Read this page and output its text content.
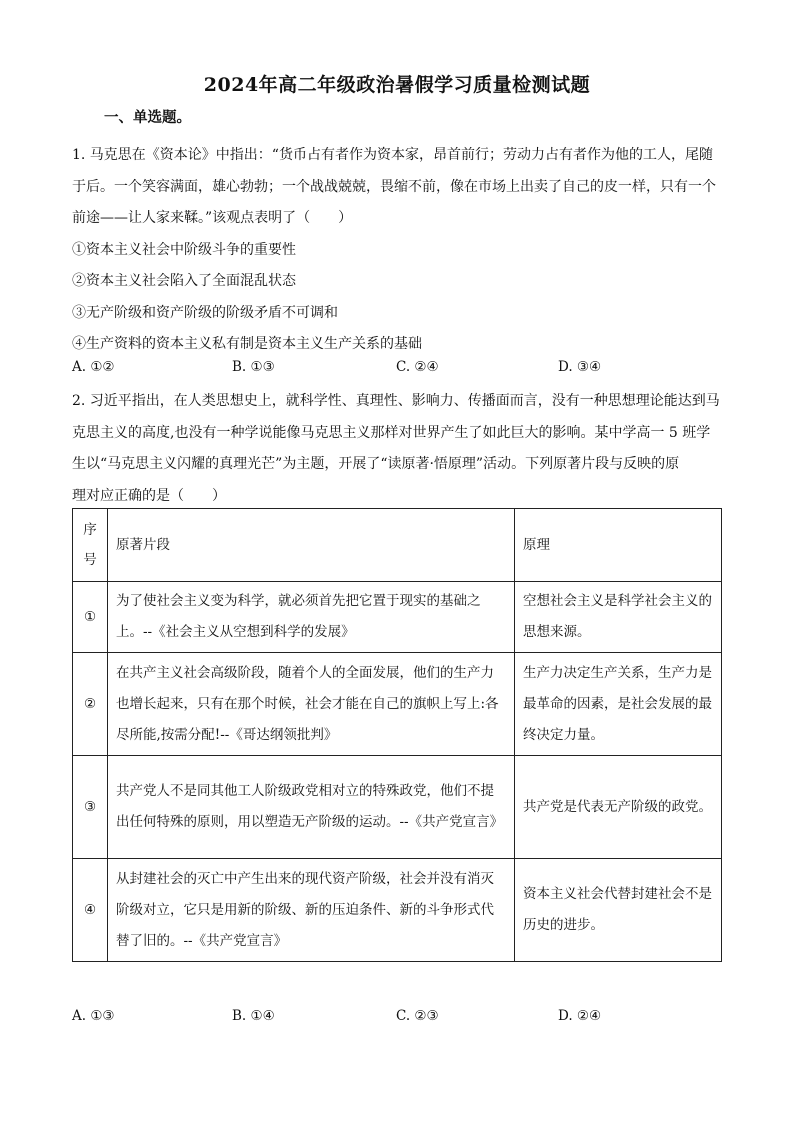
2024年高二年级政治暑假学习质量检测试题
一、单选题。
1. 马克思在《资本论》中指出：“货币占有者作为资本家，昂首前行；劳动力占有者作为他的工人，尾随
于后。一个笑容满面，雄心勃勃；一个战战兢兢，畏缩不前，像在市场上出卖了自己的皮一样，只有一个
前途——让人家来鞣。”该观点表明了（　　）
①资本主义社会中阶级斗争的重要性
②资本主义社会陷入了全面混乱状态
③无产阶级和资产阶级的阶级矛盾不可调和
④生产资料的资本主义私有制是资本主义生产关系的基础
A. ①②	B. ①③	C. ②④	D. ③④
2. 习近平指出，在人类思想史上，就科学性、真理性、影响力、传播面而言，没有一种思想理论能达到马
克思主义的高度,也没有一种学说能像马克思主义那样对世界产生了如此巨大的影响。某中学高一 5 班学
生以“马克思主义闪耀的真理光芒”为主题，开展了“读原著·悟原理”活动。下列原著片段与反映的原
理对应正确的是（　　）
序
号	原著片段	原理
①	为了使社会主义变为科学，就必须首先把它置于现实的基础之上。--《社会主义从空想到科学的发展》	空想社会主义是科学社会主义的思想来源。
②	在共产主义社会高级阶段，随着个人的全面发展，他们的生产力也增长起来，只有在那个时候，社会才能在自己的旗帜上写上:各尽所能,按需分配!--《哥达纲领批判》	生产力决定生产关系，生产力是最革命的因素，是社会发展的最终决定力量。
③	共产党人不是同其他工人阶级政党相对立的特殊政党，他们不提出任何特殊的原则，用以塑造无产阶级的运动。--《共产党宣言》	共产党是代表无产阶级的政党。
④	从封建社会的灭亡中产生出来的现代资产阶级，社会并没有消灭阶级对立，它只是用新的阶级、新的压迫条件、新的斗争形式代替了旧的。--《共产党宣言》	资本主义社会代替封建社会不是历史的进步。
A. ①③	B. ①④	C. ②③	D. ②④
